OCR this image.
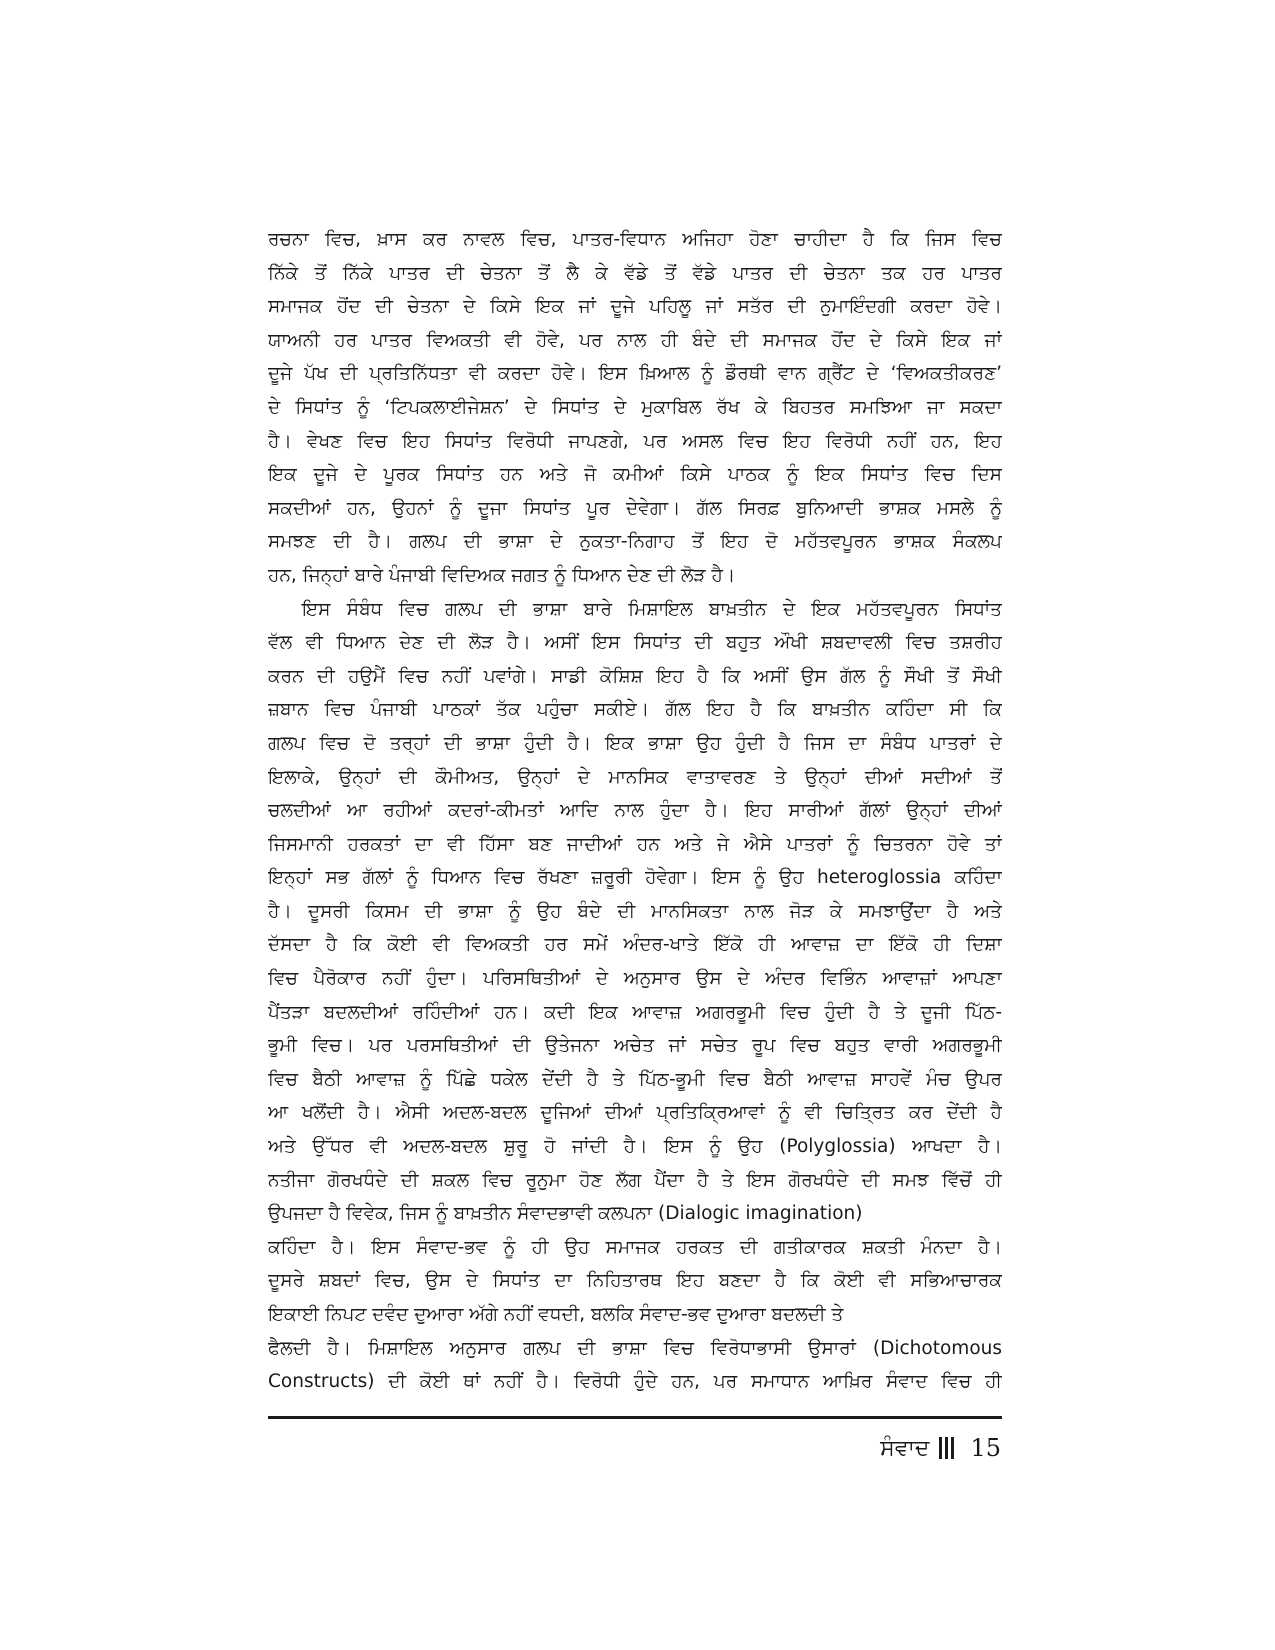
ਰਚਨਾ ਵਿਚ, ਖ਼ਾਸ ਕਰ ਨਾਵਲ ਵਿਚ, ਪਾਤਰ-ਵਿਧਾਨ ਅਜਿਹਾ ਹੋਣਾ ਚਾਹੀਦਾ ਹੈ ਕਿ ਜਿਸ ਵਿਚ
ਨਿੱਕੇ ਤੋਂ ਨਿੱਕੇ ਪਾਤਰ ਦੀ ਚੇਤਨਾ ਤੋਂ ਲੈ ਕੇ ਵੱਡੇ ਤੋਂ ਵੱਡੇ ਪਾਤਰ ਦੀ ਚੇਤਨਾ ਤਕ ਹਰ ਪਾਤਰ
ਸਮਾਜਕ ਹੋਂਦ ਦੀ ਚੇਤਨਾ ਦੇ ਕਿਸੇ ਇਕ ਜਾਂ ਦੂਜੇ ਪਹਿਲੂ ਜਾਂ ਸਤੱਰ ਦੀ ਨੁਮਾਇੰਦਗੀ ਕਰਦਾ ਹੋਵੇ।
ਯਾਅਨੀ ਹਰ ਪਾਤਰ ਵਿਅਕਤੀ ਵੀ ਹੋਵੇ, ਪਰ ਨਾਲ ਹੀ ਬੰਦੇ ਦੀ ਸਮਾਜਕ ਹੋਂਦ ਦੇ ਕਿਸੇ ਇਕ ਜਾਂ
ਦੂਜੇ ਪੱਖ ਦੀ ਪ੍ਰਤਿਨਿੱਧਤਾ ਵੀ ਕਰਦਾ ਹੋਵੇ। ਇਸ ਖ਼ਿਆਲ ਨੂੰ ਡੌਰਥੀ ਵਾਨ ਗ੍ਰੈਂਟ ਦੇ ‘ਵਿਅਕਤੀਕਰਣ’
ਦੇ ਸਿਧਾਂਤ ਨੂੰ ‘ਟਿਪਕਲਾਈਜੇਸ਼ਨ’ ਦੇ ਸਿਧਾਂਤ ਦੇ ਮੁਕਾਬਿਲ ਰੱਖ ਕੇ ਬਿਹਤਰ ਸਮਝਿਆ ਜਾ ਸਕਦਾ
ਹੈ। ਵੇਖਣ ਵਿਚ ਇਹ ਸਿਧਾਂਤ ਵਿਰੋਧੀ ਜਾਪਣਗੇ, ਪਰ ਅਸਲ ਵਿਚ ਇਹ ਵਿਰੋਧੀ ਨਹੀਂ ਹਨ, ਇਹ
ਇਕ ਦੂਜੇ ਦੇ ਪੂਰਕ ਸਿਧਾਂਤ ਹਨ ਅਤੇ ਜੋ ਕਮੀਆਂ ਕਿਸੇ ਪਾਠਕ ਨੂੰ ਇਕ ਸਿਧਾਂਤ ਵਿਚ ਦਿਸ
ਸਕਦੀਆਂ ਹਨ, ਉਹਨਾਂ ਨੂੰ ਦੂਜਾ ਸਿਧਾਂਤ ਪੂਰ ਦੇਵੇਗਾ। ਗੱਲ ਸਿਰਫ਼ ਬੁਨਿਆਦੀ ਭਾਸ਼ਕ ਮਸਲੇ ਨੂੰ
ਸਮਝਣ ਦੀ ਹੈ। ਗਲਪ ਦੀ ਭਾਸ਼ਾ ਦੇ ਨੁਕਤਾ-ਨਿਗਾਹ ਤੋਂ ਇਹ ਦੋ ਮਹੱਤਵਪੂਰਨ ਭਾਸ਼ਕ ਸੰਕਲਪ
ਹਨ, ਜਿਨ੍ਹਾਂ ਬਾਰੇ ਪੰਜਾਬੀ ਵਿਦਿਅਕ ਜਗਤ ਨੂੰ ਧਿਆਨ ਦੇਣ ਦੀ ਲੋੜ ਹੈ।
ਇਸ ਸੰਬੰਧ ਵਿਚ ਗਲਪ ਦੀ ਭਾਸ਼ਾ ਬਾਰੇ ਮਿਸ਼ਾਇਲ ਬਾਖ਼ਤੀਨ ਦੇ ਇਕ ਮਹੱਤਵਪੂਰਨ ਸਿਧਾਂਤ
ਵੱਲ ਵੀ ਧਿਆਨ ਦੇਣ ਦੀ ਲੋੜ ਹੈ। ਅਸੀਂ ਇਸ ਸਿਧਾਂਤ ਦੀ ਬਹੁਤ ਔਖੀ ਸ਼ਬਦਾਵਲੀ ਵਿਚ ਤਸ਼ਰੀਹ
ਕਰਨ ਦੀ ਹਉਮੈਂ ਵਿਚ ਨਹੀਂ ਪਵਾਂਗੇ। ਸਾਡੀ ਕੋਸ਼ਿਸ਼ ਇਹ ਹੈ ਕਿ ਅਸੀਂ ਉਸ ਗੱਲ ਨੂੰ ਸੌਖੀ ਤੋਂ ਸੌਖੀ
ਜ਼ਬਾਨ ਵਿਚ ਪੰਜਾਬੀ ਪਾਠਕਾਂ ਤੱਕ ਪਹੁੰਚਾ ਸਕੀਏ। ਗੱਲ ਇਹ ਹੈ ਕਿ ਬਾਖ਼ਤੀਨ ਕਹਿੰਦਾ ਸੀ ਕਿ
ਗਲਪ ਵਿਚ ਦੋ ਤਰ੍ਹਾਂ ਦੀ ਭਾਸ਼ਾ ਹੁੰਦੀ ਹੈ। ਇਕ ਭਾਸ਼ਾ ਉਹ ਹੁੰਦੀ ਹੈ ਜਿਸ ਦਾ ਸੰਬੰਧ ਪਾਤਰਾਂ ਦੇ
ਇਲਾਕੇ, ਉਨ੍ਹਾਂ ਦੀ ਕੌਮੀਅਤ, ਉਨ੍ਹਾਂ ਦੇ ਮਾਨਸਿਕ ਵਾਤਾਵਰਣ ਤੇ ਉਨ੍ਹਾਂ ਦੀਆਂ ਸਦੀਆਂ ਤੋਂ
ਚਲਦੀਆਂ ਆ ਰਹੀਆਂ ਕਦਰਾਂ-ਕੀਮਤਾਂ ਆਦਿ ਨਾਲ ਹੁੰਦਾ ਹੈ। ਇਹ ਸਾਰੀਆਂ ਗੱਲਾਂ ਉਨ੍ਹਾਂ ਦੀਆਂ
ਜਿਸਮਾਨੀ ਹਰਕਤਾਂ ਦਾ ਵੀ ਹਿੱਸਾ ਬਣ ਜਾਦੀਆਂ ਹਨ ਅਤੇ ਜੇ ਐਸੇ ਪਾਤਰਾਂ ਨੂੰ ਚਿਤਰਨਾ ਹੋਵੇ ਤਾਂ
ਇਨ੍ਹਾਂ ਸਭ ਗੱਲਾਂ ਨੂੰ ਧਿਆਨ ਵਿਚ ਰੱਖਣਾ ਜ਼ਰੂਰੀ ਹੋਵੇਗਾ। ਇਸ ਨੂੰ ਉਹ heteroglossia ਕਹਿੰਦਾ
ਹੈ। ਦੂਸਰੀ ਕਿਸਮ ਦੀ ਭਾਸ਼ਾ ਨੂੰ ਉਹ ਬੰਦੇ ਦੀ ਮਾਨਸਿਕਤਾ ਨਾਲ ਜੋੜ ਕੇ ਸਮਝਾਉਂਦਾ ਹੈ ਅਤੇ
ਦੱਸਦਾ ਹੈ ਕਿ ਕੋਈ ਵੀ ਵਿਅਕਤੀ ਹਰ ਸਮੇਂ ਅੰਦਰ-ਖਾਤੇ ਇੱਕੋ ਹੀ ਆਵਾਜ਼ ਦਾ ਇੱਕੋ ਹੀ ਦਿਸ਼ਾ
ਵਿਚ ਪੈਰੋਕਾਰ ਨਹੀਂ ਹੁੰਦਾ। ਪਰਿਸਥਿਤੀਆਂ ਦੇ ਅਨੁਸਾਰ ਉਸ ਦੇ ਅੰਦਰ ਵਿਭਿੰਨ ਆਵਾਜ਼ਾਂ ਆਪਣਾ
ਪੈਂਤੜਾ ਬਦਲਦੀਆਂ ਰਹਿੰਦੀਆਂ ਹਨ। ਕਦੀ ਇਕ ਆਵਾਜ਼ ਅਗਰਭੂਮੀ ਵਿਚ ਹੁੰਦੀ ਹੈ ਤੇ ਦੂਜੀ ਪਿੱਠ-
ਭੂਮੀ ਵਿਚ। ਪਰ ਪਰਸਥਿਤੀਆਂ ਦੀ ਉਤੇਜਨਾ ਅਚੇਤ ਜਾਂ ਸਚੇਤ ਰੂਪ ਵਿਚ ਬਹੁਤ ਵਾਰੀ ਅਗਰਭੂਮੀ
ਵਿਚ ਬੈਠੀ ਆਵਾਜ਼ ਨੂੰ ਪਿੱਛੇ ਧਕੇਲ ਦੇਂਦੀ ਹੈ ਤੇ ਪਿੱਠ-ਭੂਮੀ ਵਿਚ ਬੈਠੀ ਆਵਾਜ਼ ਸਾਹਵੇਂ ਮੰਚ ਉਪਰ
ਆ ਖਲੋਂਦੀ ਹੈ। ਐਸੀ ਅਦਲ-ਬਦਲ ਦੂਜਿਆਂ ਦੀਆਂ ਪ੍ਰਤਿਕ੍ਰਿਆਵਾਂ ਨੂੰ ਵੀ ਚਿਤ੍ਰਿਤ ਕਰ ਦੇਂਦੀ ਹੈ
ਅਤੇ ਉੱਧਰ ਵੀ ਅਦਲ-ਬਦਲ ਸ਼ੁਰੂ ਹੋ ਜਾਂਦੀ ਹੈ। ਇਸ ਨੂੰ ਉਹ (Polyglossia) ਆਖਦਾ ਹੈ।
ਨਤੀਜਾ ਗੋਰਖਧੰਦੇ ਦੀ ਸ਼ਕਲ ਵਿਚ ਰੂਨੁਮਾ ਹੋਣ ਲੱਗ ਪੈਂਦਾ ਹੈ ਤੇ ਇਸ ਗੋਰਖਧੰਦੇ ਦੀ ਸਮਝ ਵਿੱਚੋਂ ਹੀ
ਉਪਜਦਾ ਹੈ ਵਿਵੇਕ, ਜਿਸ ਨੂੰ ਬਾਖ਼ਤੀਨ ਸੰਵਾਦਭਾਵੀ ਕਲਪਨਾ (Dialogic imagination)
ਕਹਿੰਦਾ ਹੈ। ਇਸ ਸੰਵਾਦ-ਭਵ ਨੂੰ ਹੀ ਉਹ ਸਮਾਜਕ ਹਰਕਤ ਦੀ ਗਤੀਕਾਰਕ ਸ਼ਕਤੀ ਮੰਨਦਾ ਹੈ।
ਦੂਸਰੇ ਸ਼ਬਦਾਂ ਵਿਚ, ਉਸ ਦੇ ਸਿਧਾਂਤ ਦਾ ਨਿਹਿਤਾਰਥ ਇਹ ਬਣਦਾ ਹੈ ਕਿ ਕੋਈ ਵੀ ਸਭਿਆਚਾਰਕ
ਇਕਾਈ ਨਿਪਟ ਦਵੰਦ ਦੁਆਰਾ ਅੱਗੇ ਨਹੀਂ ਵਧਦੀ, ਬਲਕਿ ਸੰਵਾਦ-ਭਵ ਦੁਆਰਾ ਬਦਲਦੀ ਤੇ
ਫੈਲਦੀ ਹੈ। ਮਿਸ਼ਾਇਲ ਅਨੁਸਾਰ ਗਲਪ ਦੀ ਭਾਸ਼ਾ ਵਿਚ ਵਿਰੋਧਾਭਾਸੀ ਉਸਾਰਾਂ (Dichotomous
Constructs) ਦੀ ਕੋਈ ਥਾਂ ਨਹੀਂ ਹੈ। ਵਿਰੋਧੀ ਹੁੰਦੇ ਹਨ, ਪਰ ਸਮਾਧਾਨ ਆਖ਼ਿਰ ਸੰਵਾਦ ਵਿਚ ਹੀ
ਸੰਵਾਦ 15
